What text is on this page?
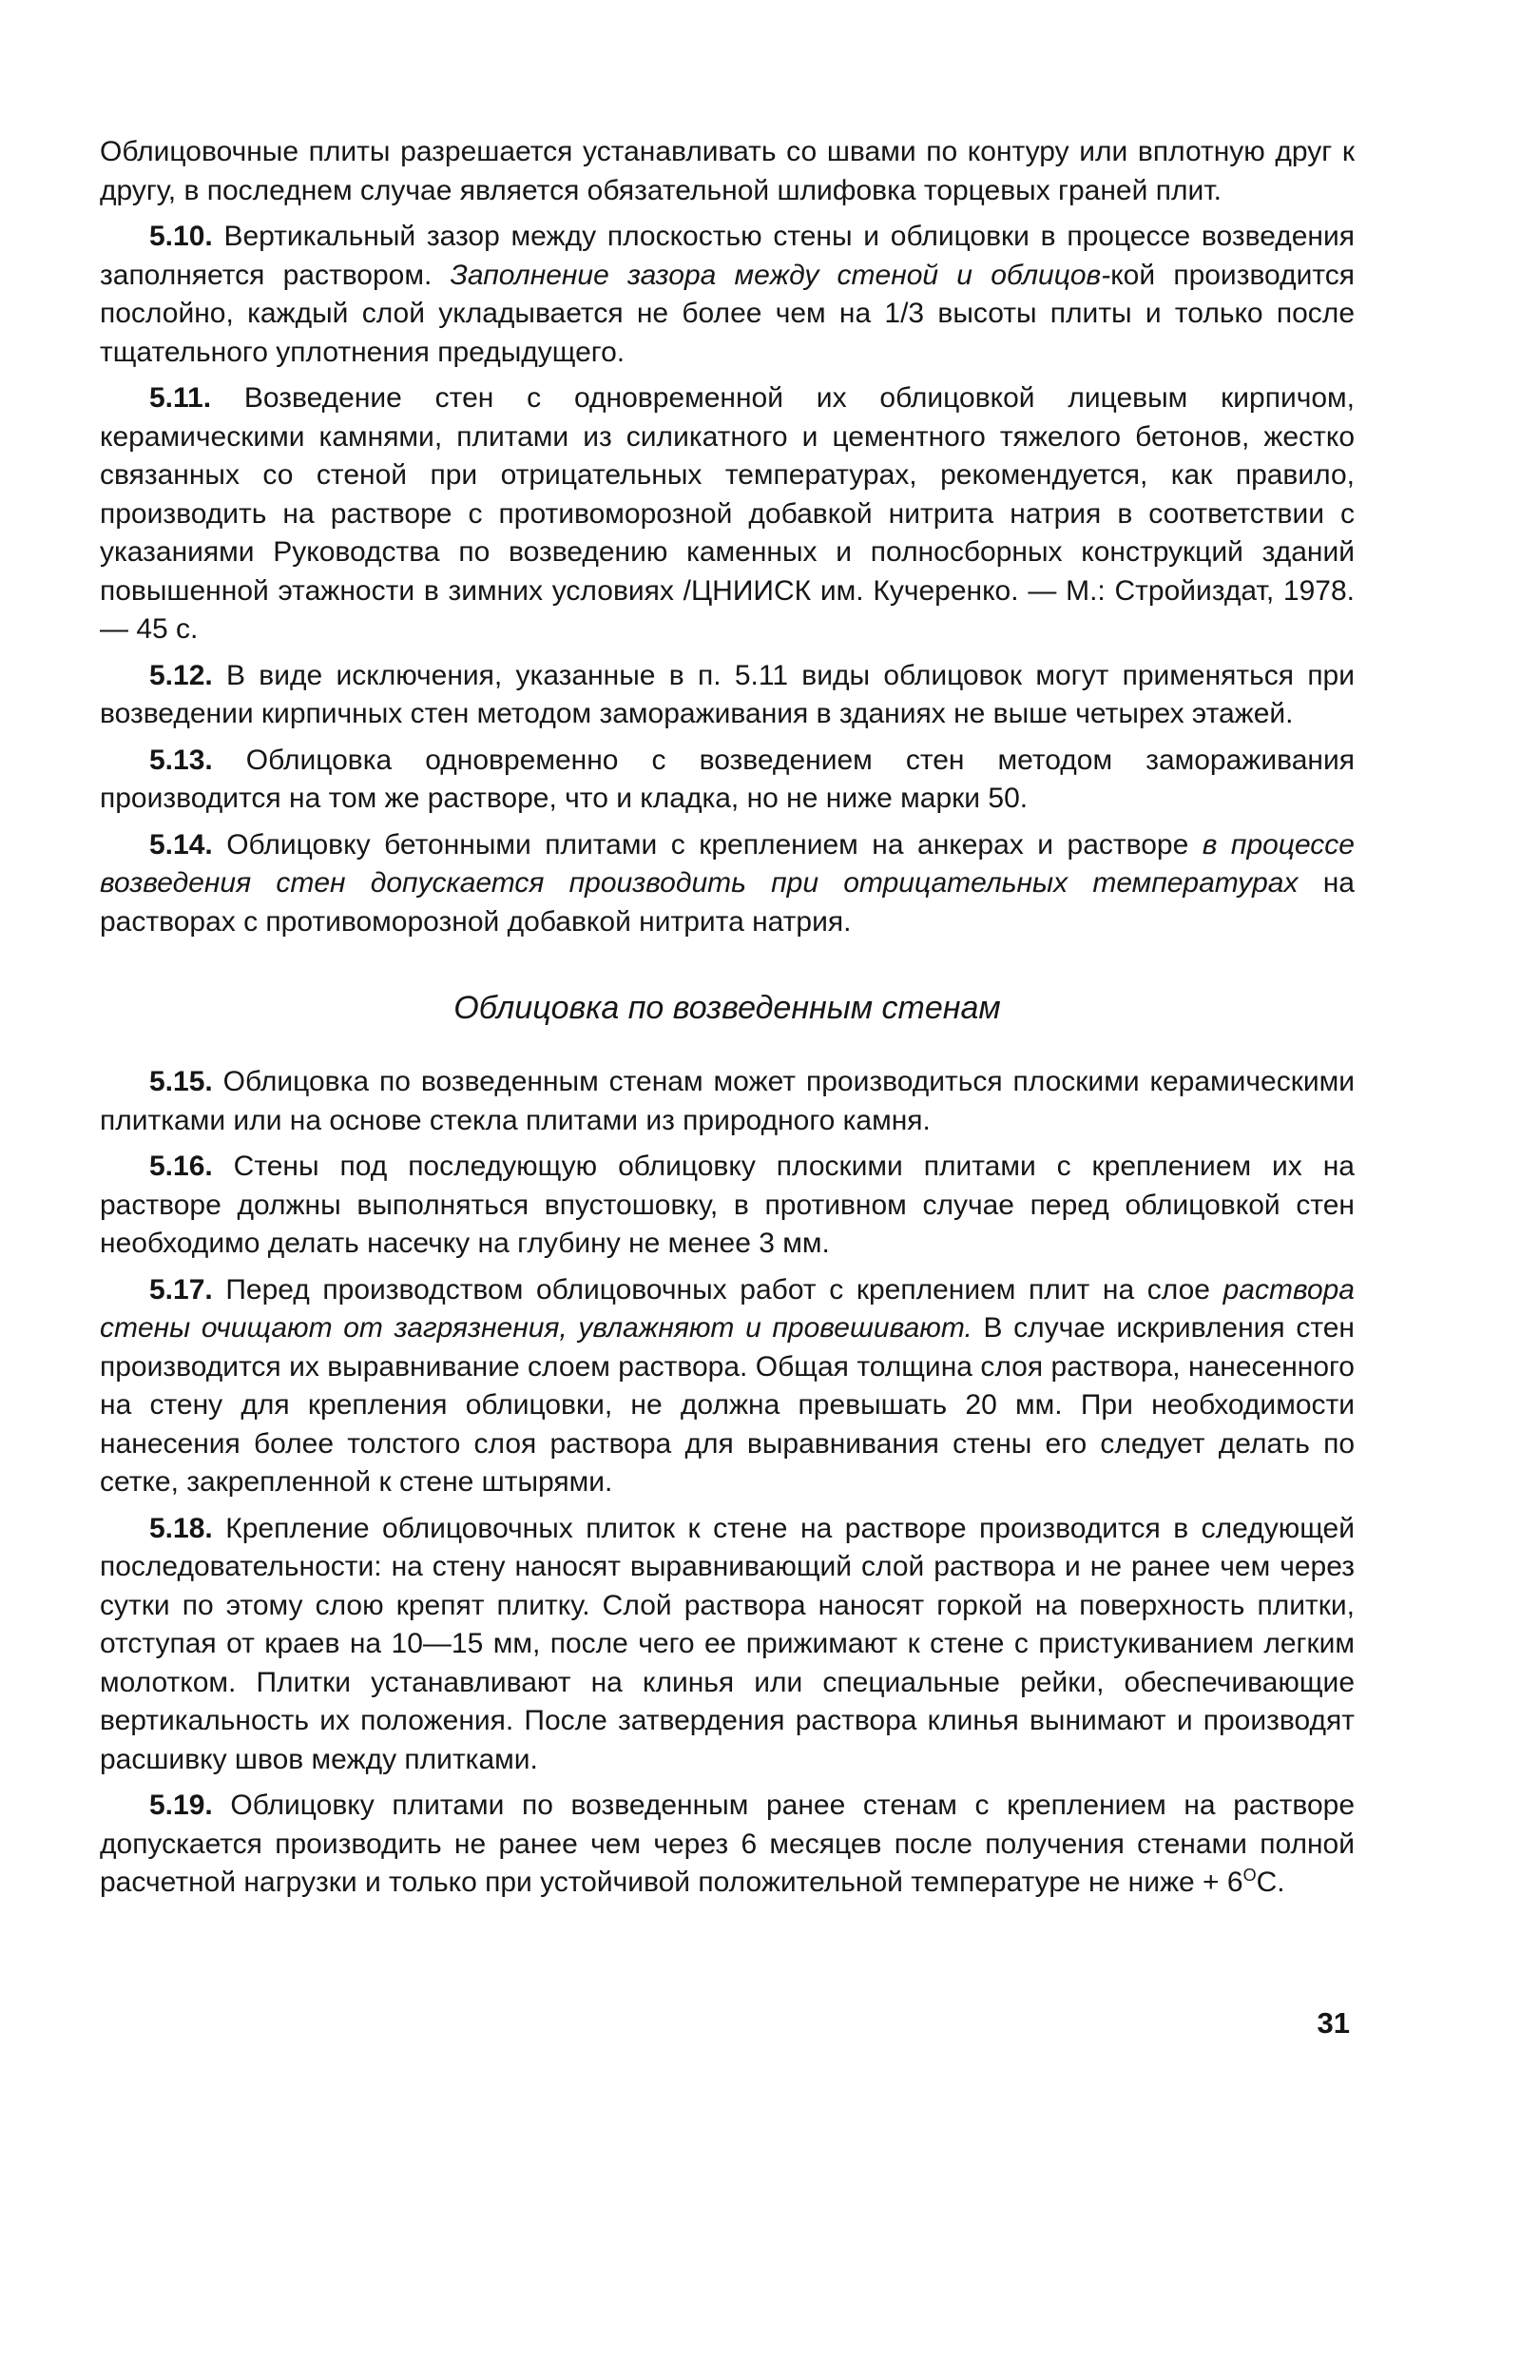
Облицовочные плиты разрешается устанавливать со швами по контуру или вплотную друг к другу, в последнем случае является обязательной шлифовка торцевых граней плит.

5.10. Вертикальный зазор между плоскостью стены и облицовки в процессе возведения заполняется раствором. Заполнение зазора между стеной и облицов-кой производится послойно, каждый слой укладывается не более чем на 1/3 высоты плиты и только после тщательного уплотнения предыдущего.

5.11. Возведение стен с одновременной их облицовкой лицевым кирпичом, керамическими камнями, плитами из силикатного и цементного тяжелого бетонов, жестко связанных со стеной при отрицательных температурах, рекомендуется, как правило, производить на растворе с противоморозной добавкой нитрита натрия в соответствии с указаниями Руководства по возведению каменных и полносборных конструкций зданий повышенной этажности в зимних условиях /ЦНИИСК им. Кучеренко. — М.: Стройиздат, 1978. — 45 с.

5.12. В виде исключения, указанные в п. 5.11 виды облицовок могут применяться при возведении кирпичных стен методом замораживания в зданиях не выше четырех этажей.

5.13. Облицовка одновременно с возведением стен методом замораживания производится на том же растворе, что и кладка, но не ниже марки 50.

5.14. Облицовку бетонными плитами с креплением на анкерах и растворе в процессе возведения стен допускается производить при отрицательных температурах на растворах с противоморозной добавкой нитрита натрия.

Облицовка по возведенным стенам

5.15. Облицовка по возведенным стенам может производиться плоскими керамическими плитками или на основе стекла плитами из природного камня.

5.16. Стены под последующую облицовку плоскими плитами с креплением их на растворе должны выполняться впустошовку, в противном случае перед облицовкой стен необходимо делать насечку на глубину не менее 3 мм.

5.17. Перед производством облицовочных работ с креплением плит на слое раствора стены очищают от загрязнения, увлажняют и провешивают. В случае искривления стен производится их выравнивание слоем раствора. Общая толщина слоя раствора, нанесенного на стену для крепления облицовки, не должна превышать 20 мм. При необходимости нанесения более толстого слоя раствора для выравнивания стены его следует делать по сетке, закрепленной к стене штырями.

5.18. Крепление облицовочных плиток к стене на растворе производится в следующей последовательности: на стену наносят выравнивающий слой раствора и не ранее чем через сутки по этому слою крепят плитку. Слой раствора наносят горкой на поверхность плитки, отступая от краев на 10—15 мм, после чего ее прижимают к стене с пристукиванием легким молотком. Плитки устанавливают на клинья или специальные рейки, обеспечивающие вертикальность их положения. После затвердения раствора клинья вынимают и производят расшивку швов между плитками.

5.19. Облицовку плитами по возведенным ранее стенам с креплением на растворе допускается производить не ранее чем через 6 месяцев после получения стенами полной расчетной нагрузки и только при устойчивой положительной температуре не ниже + $6^ОС$.

31
